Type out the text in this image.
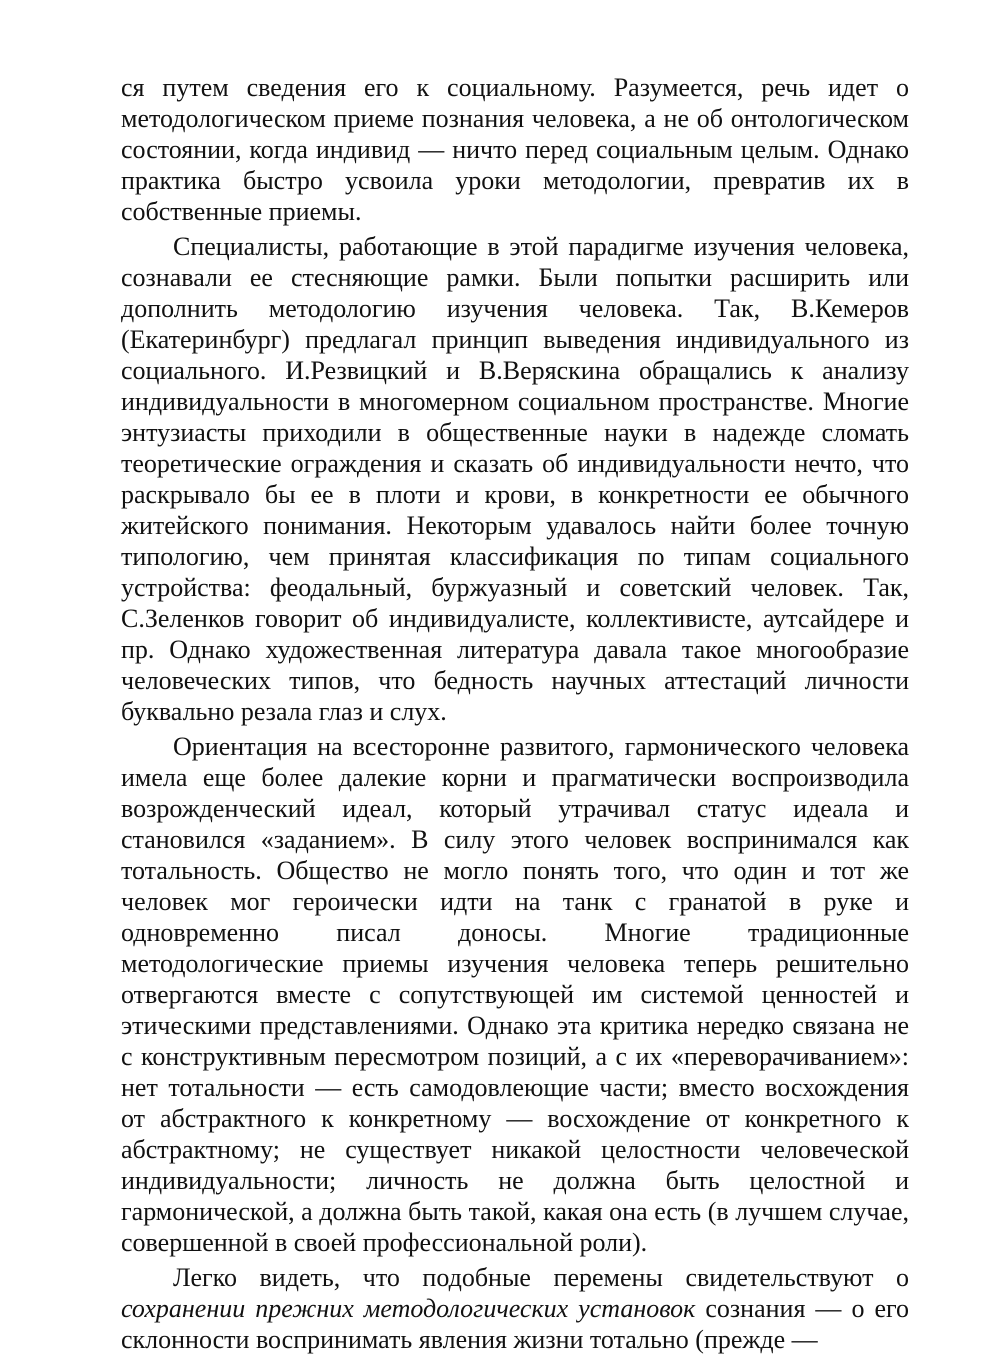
ся путем сведения его к социальному. Разумеется, речь идет о методологическом приеме познания человека, а не об онтологическом состоянии, когда индивид — ничто перед социальным целым. Однако практика быстро усвоила уроки методологии, превратив их в собственные приемы.

Специалисты, работающие в этой парадигме изучения человека, сознавали ее стесняющие рамки. Были попытки расширить или дополнить методологию изучения человека. Так, В.Кемеров (Екатеринбург) предлагал принцип выведения индивидуального из социального. И.Резвицкий и В.Веряскина обращались к анализу индивидуальности в многомерном социальном пространстве. Многие энтузиасты приходили в общественные науки в надежде сломать теоретические ограждения и сказать об индивидуальности нечто, что раскрывало бы ее в плоти и крови, в конкретности ее обычного житейского понимания. Некоторым удавалось найти более точную типологию, чем принятая классификация по типам социального устройства: феодальный, буржуазный и советский человек. Так, С.Зеленков говорит об индивидуалисте, коллективисте, аутсайдере и пр. Однако художественная литература давала такое многообразие человеческих типов, что бедность научных аттестаций личности буквально резала глаз и слух.

Ориентация на всесторонне развитого, гармонического человека имела еще более далекие корни и прагматически воспроизводила возрожденческий идеал, который утрачивал статус идеала и становился «заданием». В силу этого человек воспринимался как тотальность. Общество не могло понять того, что один и тот же человек мог героически идти на танк с гранатой в руке и одновременно писал доносы. Многие традиционные методологические приемы изучения человека теперь решительно отвергаются вместе с сопутствующей им системой ценностей и этическими представлениями. Однако эта критика нередко связана не с конструктивным пересмотром позиций, а с их «переворачиванием»: нет тотальности — есть самодовлеющие части; вместо восхождения от абстрактного к конкретному — восхождение от конкретного к абстрактному; не существует никакой целостности человеческой индивидуальности; личность не должна быть целостной и гармонической, а должна быть такой, какая она есть (в лучшем случае, совершенной в своей профессиональной роли).

Легко видеть, что подобные перемены свидетельствуют о сохранении прежних методологических установок сознания — о его склонности воспринимать явления жизни тотально (прежде —
